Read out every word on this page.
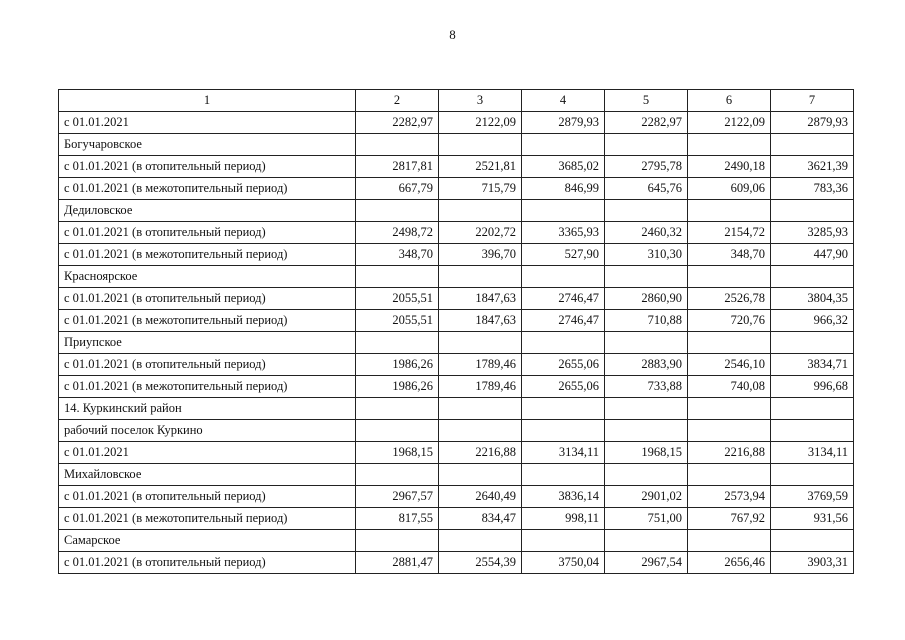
8
1	2	3	4	5	6	7
с 01.01.2021	2282,97	2122,09	2879,93	2282,97	2122,09	2879,93
Богучаровское						
с 01.01.2021 (в отопительный период)	2817,81	2521,81	3685,02	2795,78	2490,18	3621,39
с 01.01.2021 (в межотопительный период)	667,79	715,79	846,99	645,76	609,06	783,36
Дедиловское						
с 01.01.2021 (в отопительный период)	2498,72	2202,72	3365,93	2460,32	2154,72	3285,93
с 01.01.2021 (в межотопительный период)	348,70	396,70	527,90	310,30	348,70	447,90
Красноярское						
с 01.01.2021 (в отопительный период)	2055,51	1847,63	2746,47	2860,90	2526,78	3804,35
с 01.01.2021 (в межотопительный период)	2055,51	1847,63	2746,47	710,88	720,76	966,32
Приупское						
с 01.01.2021 (в отопительный период)	1986,26	1789,46	2655,06	2883,90	2546,10	3834,71
с 01.01.2021 (в межотопительный период)	1986,26	1789,46	2655,06	733,88	740,08	996,68
14. Куркинский район						
рабочий поселок Куркино						
с 01.01.2021	1968,15	2216,88	3134,11	1968,15	2216,88	3134,11
Михайловское						
с 01.01.2021 (в отопительный период)	2967,57	2640,49	3836,14	2901,02	2573,94	3769,59
с 01.01.2021 (в межотопительный период)	817,55	834,47	998,11	751,00	767,92	931,56
Самарское						
с 01.01.2021 (в отопительный период)	2881,47	2554,39	3750,04	2967,54	2656,46	3903,31
